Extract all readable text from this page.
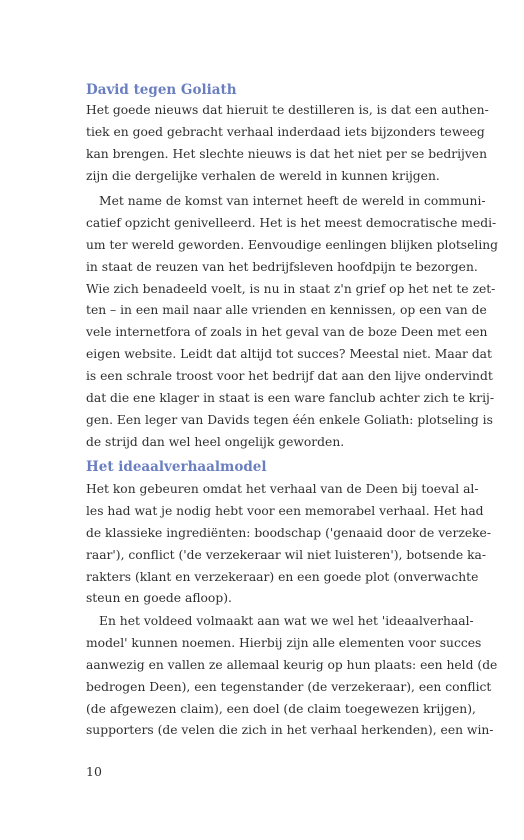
David tegen Goliath
Het goede nieuws dat hieruit te destilleren is, is dat een authen-
tiek en goed gebracht verhaal inderdaad iets bijzonders teweeg
kan brengen. Het slechte nieuws is dat het niet per se bedrijven
zijn die dergelijke verhalen de wereld in kunnen krijgen.
Met name de komst van internet heeft de wereld in communi-
catief opzicht genivelleerd. Het is het meest democratische medi-
um ter wereld geworden. Eenvoudige eenlingen blijken plotseling
in staat de reuzen van het bedrijfsleven hoofdpijn te bezorgen.
Wie zich benadeeld voelt, is nu in staat z'n grief op het net te zet-
ten – in een mail naar alle vrienden en kennissen, op een van de
vele internetfora of zoals in het geval van de boze Deen met een
eigen website. Leidt dat altijd tot succes? Meestal niet. Maar dat
is een schrale troost voor het bedrijf dat aan den lijve ondervindt
dat die ene klager in staat is een ware fanclub achter zich te krij-
gen. Een leger van Davids tegen één enkele Goliath: plotseling is
de strijd dan wel heel ongelijk geworden.
Het ideaalverhaalmodel
Het kon gebeuren omdat het verhaal van de Deen bij toeval al-
les had wat je nodig hebt voor een memorabel verhaal. Het had
de klassieke ingrediënten: boodschap ('genaaid door de verzeke-
raar'), conflict ('de verzekeraar wil niet luisteren'), botsende ka-
rakters (klant en verzekeraar) en een goede plot (onverwachte
steun en goede afloop).
En het voldeed volmaakt aan wat we wel het 'ideaalverhaal-
model' kunnen noemen. Hierbij zijn alle elementen voor succes
aanwezig en vallen ze allemaal keurig op hun plaats: een held (de
bedrogen Deen), een tegenstander (de verzekeraar), een conflict
(de afgewezen claim), een doel (de claim toegewezen krijgen),
supporters (de velen die zich in het verhaal herkenden), een win-
10
